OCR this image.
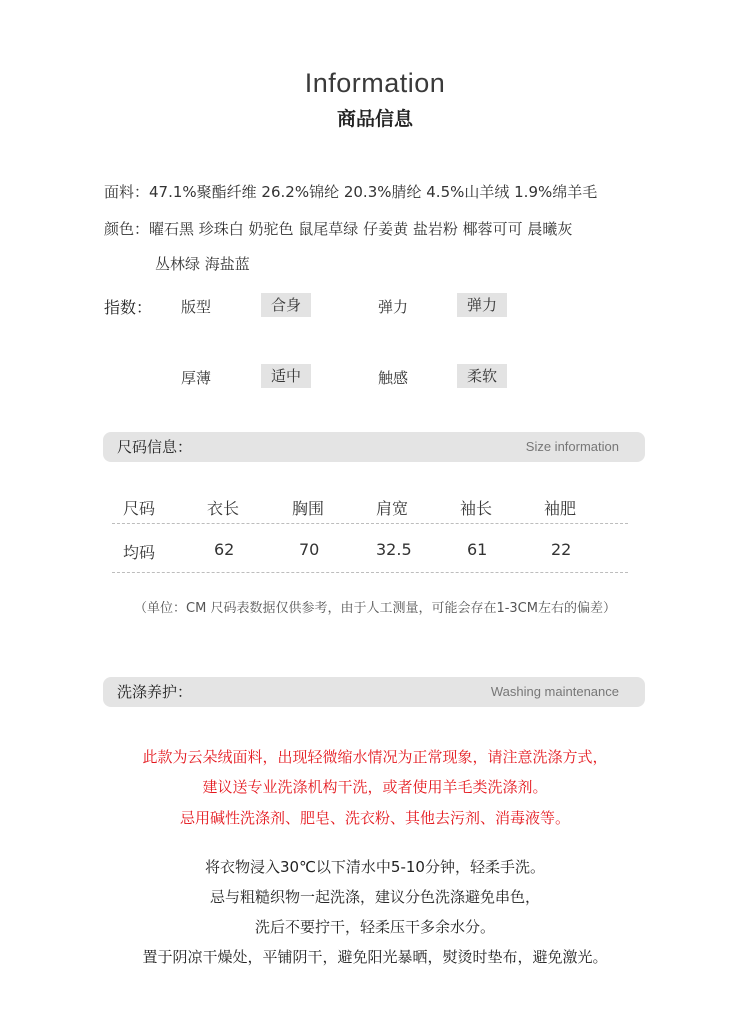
Information
商品信息
面料：47.1%聚酯纤维 26.2%锦纶 20.3%腈纶 4.5%山羊绒 1.9%绵羊毛
颜色：曜石黑 珍珠白 奶驼色 鼠尾草绿 仔姜黄 盐岩粉 椰蓉可可 晨曦灰
丛林绿 海盐蓝
指数： 版型	合身	弹力	弹力
厚薄	适中	触感	柔软
尺码信息：	Size information
尺码	衣长	胸围	肩宽	袖长	袖肥
均码	62	70	32.5	61	22
（单位：CM 尺码表数据仅供参考，由于人工测量，可能会存在1-3CM左右的偏差）
洗涤养护：	Washing maintenance
此款为云朵绒面料，出现轻微缩水情况为正常现象，请注意洗涤方式，
建议送专业洗涤机构干洗，或者使用羊毛类洗涤剂。
忌用碱性洗涤剂、肥皂、洗衣粉、其他去污剂、消毒液等。
将衣物浸入30℃以下清水中5-10分钟，轻柔手洗。
忌与粗糙织物一起洗涤，建议分色洗涤避免串色，
洗后不要拧干，轻柔压干多余水分。
置于阴凉干燥处，平铺阴干，避免阳光暴晒，熨烫时垫布，避免激光。
